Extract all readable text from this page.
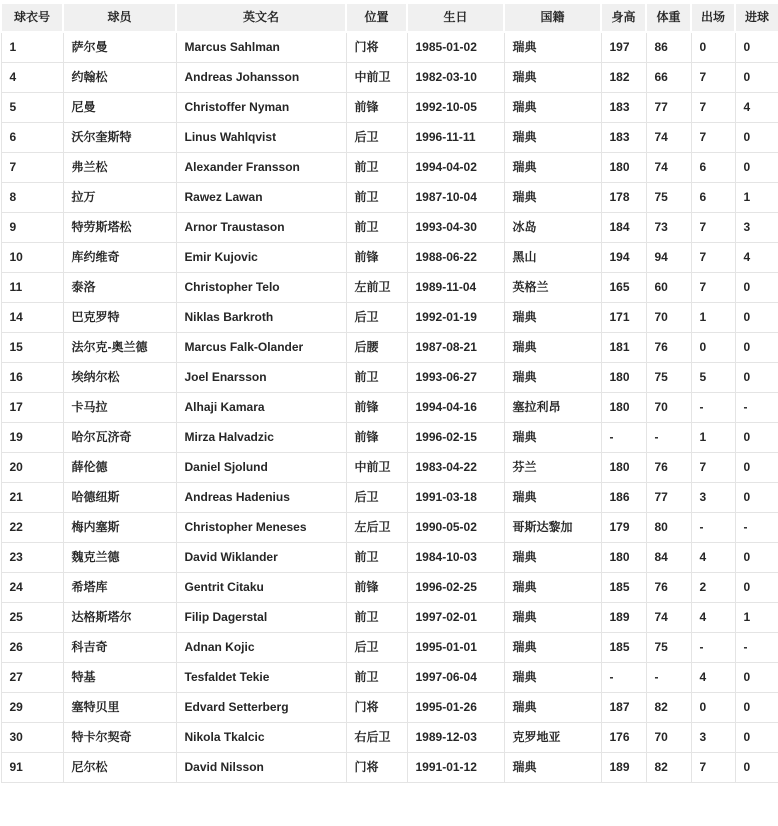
球衣号	球员	英文名	位置	生日	国籍	身高	体重	出场	进球
1	萨尔曼	Marcus Sahlman	门将	1985-01-02	瑞典	197	86	0	0
4	约翰松	Andreas Johansson	中前卫	1982-03-10	瑞典	182	66	7	0
5	尼曼	Christoffer Nyman	前锋	1992-10-05	瑞典	183	77	7	4
6	沃尔奎斯特	Linus Wahlqvist	后卫	1996-11-11	瑞典	183	74	7	0
7	弗兰松	Alexander Fransson	前卫	1994-04-02	瑞典	180	74	6	0
8	拉万	Rawez Lawan	前卫	1987-10-04	瑞典	178	75	6	1
9	特劳斯塔松	Arnor Traustason	前卫	1993-04-30	冰岛	184	73	7	3
10	库约维奇	Emir Kujovic	前锋	1988-06-22	黑山	194	94	7	4
11	泰洛	Christopher Telo	左前卫	1989-11-04	英格兰	165	60	7	0
14	巴克罗特	Niklas Barkroth	后卫	1992-01-19	瑞典	171	70	1	0
15	法尔克-奥兰德	Marcus Falk-Olander	后腰	1987-08-21	瑞典	181	76	0	0
16	埃纳尔松	Joel Enarsson	前卫	1993-06-27	瑞典	180	75	5	0
17	卡马拉	Alhaji Kamara	前锋	1994-04-16	塞拉利昂	180	70	-	-
19	哈尔瓦济奇	Mirza Halvadzic	前锋	1996-02-15	瑞典	-	-	1	0
20	薛伦德	Daniel Sjolund	中前卫	1983-04-22	芬兰	180	76	7	0
21	哈德纽斯	Andreas Hadenius	后卫	1991-03-18	瑞典	186	77	3	0
22	梅内塞斯	Christopher Meneses	左后卫	1990-05-02	哥斯达黎加	179	80	-	-
23	魏克兰德	David Wiklander	前卫	1984-10-03	瑞典	180	84	4	0
24	希塔库	Gentrit Citaku	前锋	1996-02-25	瑞典	185	76	2	0
25	达格斯塔尔	Filip Dagerstal	前卫	1997-02-01	瑞典	189	74	4	1
26	科吉奇	Adnan Kojic	后卫	1995-01-01	瑞典	185	75	-	-
27	特基	Tesfaldet Tekie	前卫	1997-06-04	瑞典	-	-	4	0
29	塞特贝里	Edvard Setterberg	门将	1995-01-26	瑞典	187	82	0	0
30	特卡尔契奇	Nikola Tkalcic	右后卫	1989-12-03	克罗地亚	176	70	3	0
91	尼尔松	David Nilsson	门将	1991-01-12	瑞典	189	82	7	0
